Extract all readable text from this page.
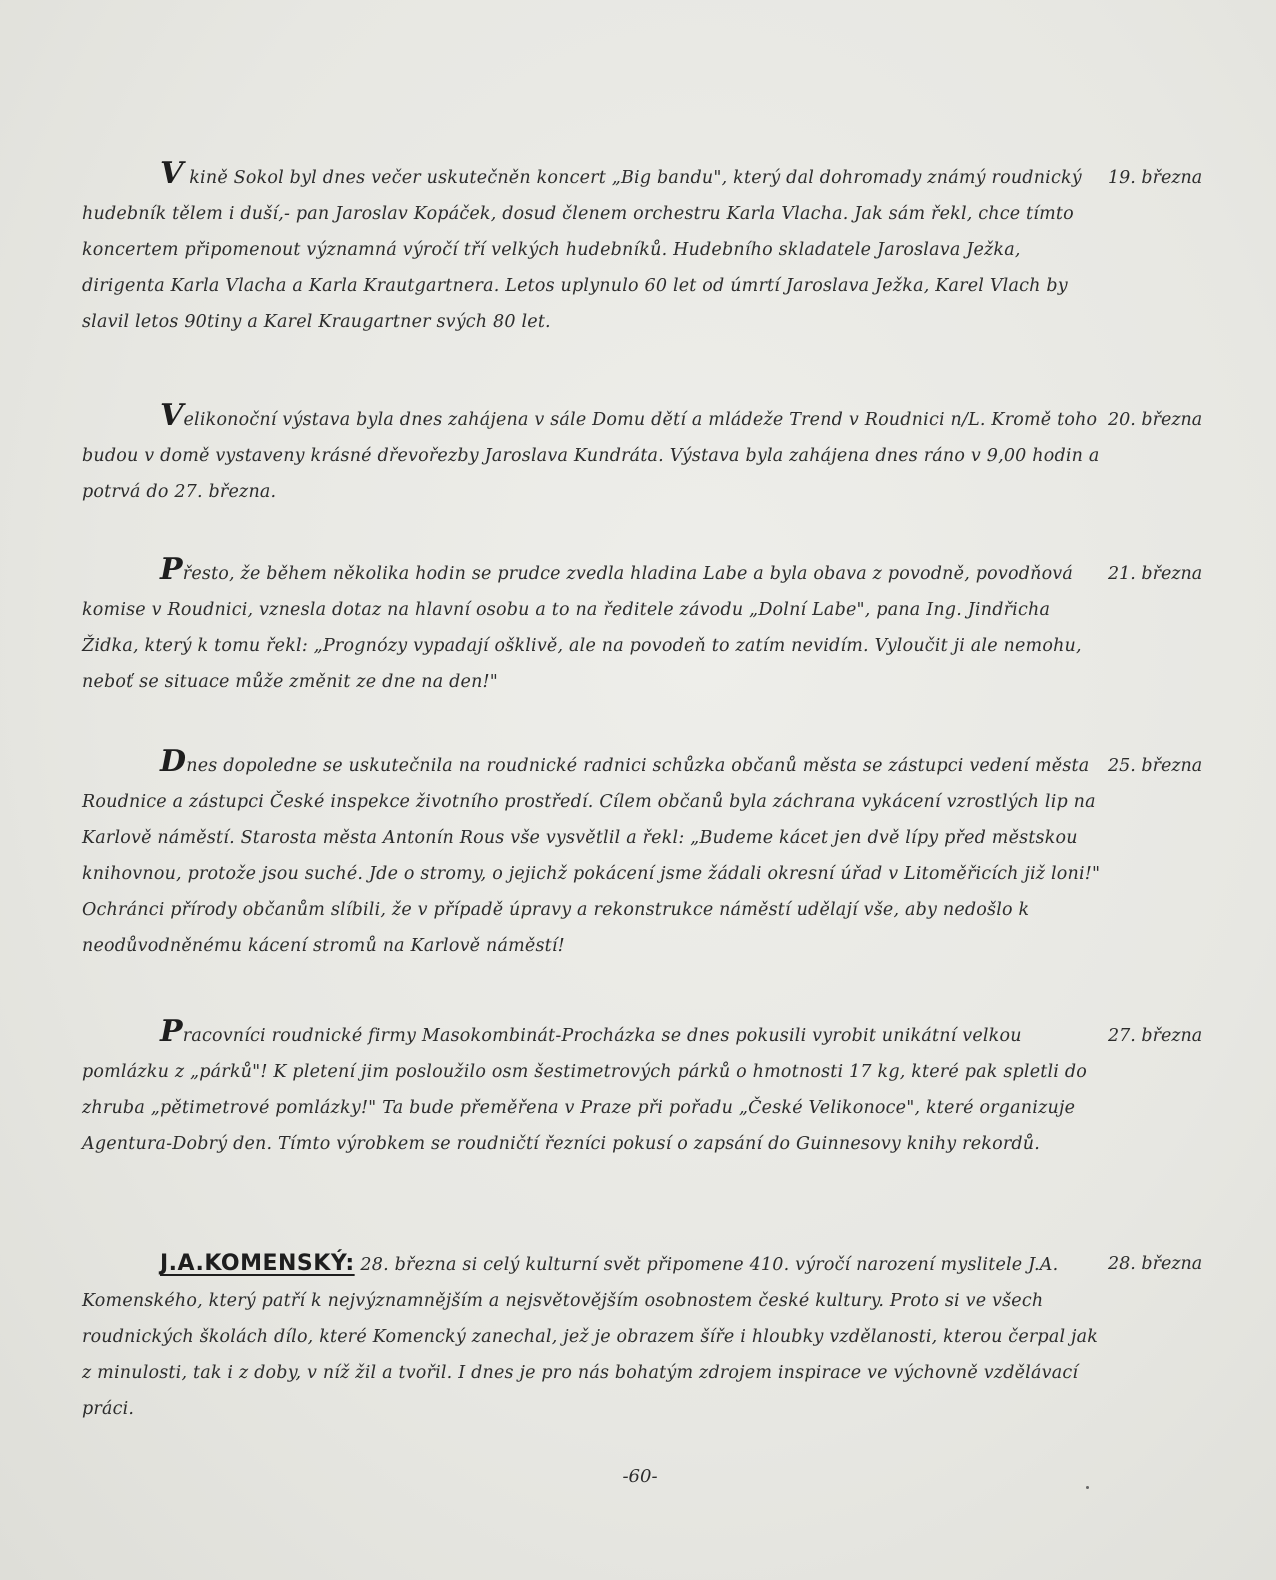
V kině Sokol byl dnes večer uskutečněn koncert „Big bandu", který dal dohromady známý roudnický hudebník tělem i duší,- pan Jaroslav Kopáček, dosud členem orchestru Karla Vlacha. Jak sám řekl, chce tímto koncertem připomenout významná výročí tří velkých hudebníků. Hudebního skladatele Jaroslava Ježka, dirigenta Karla Vlacha a Karla Krautgartnera. Letos uplynulo 60 let od úmrtí Jaroslava Ježka, Karel Vlach by slavil letos 90tiny a Karel Kraugartner svých 80 let.

19. března

Velikonoční výstava byla dnes zahájena v sále Domu dětí a mládeže Trend v Roudnici n/L. Kromě toho budou v domě vystaveny krásné dřevořezby Jaroslava Kundráta. Výstava byla zahájena dnes ráno v 9,00 hodin a potrvá do 27. března.

20. března

Přesto, že během několika hodin se prudce zvedla hladina Labe a byla obava z povodně, povodňová komise v Roudnici, vznesla dotaz na hlavní osobu a to na ředitele závodu „Dolní Labe", pana Ing. Jindřicha Židka, který k tomu řekl: „Prognózy vypadají ošklivě, ale na povodeň to zatím nevidím. Vyloučit ji ale nemohu, neboť se situace může změnit ze dne na den!"

21. března

Dnes dopoledne se uskutečnila na roudnické radnici schůzka občanů města se zástupci vedení města Roudnice a zástupci České inspekce životního prostředí. Cílem občanů byla záchrana vykácení vzrostlých lip na Karlově náměstí. Starosta města Antonín Rous vše vysvětlil a řekl: „Budeme kácet jen dvě lípy před městskou knihovnou, protože jsou suché. Jde o stromy, o jejichž pokácení jsme žádali okresní úřad v Litoměřicích již loni!" Ochránci přírody občanům slíbili, že v případě úpravy a rekonstrukce náměstí udělají vše, aby nedošlo k neodůvodněnému kácení stromů na Karlově náměstí!

25. března

Pracovníci roudnické firmy Masokombinát-Procházka se dnes pokusili vyrobit unikátní velkou pomlázku z „párků"! K pletení jim posloužilo osm šestimetrových párků o hmotnosti 17 kg, které pak spletli do zhruba „pětimetrové pomlázky!" Ta bude přeměřena v Praze při pořadu „České Velikonoce", které organizuje Agentura-Dobrý den. Tímto výrobkem se roudničtí řezníci pokusí o zapsání do Guinnesovy knihy rekordů.

27. března

J.A.KOMENSKÝ: 28. března si celý kulturní svět připomene 410. výročí narození myslitele J.A. Komenského, který patří k nejvýznamnějším a nejsvětovějším osobnostem české kultury. Proto si ve všech roudnických školách dílo, které Komencký zanechal, jež je obrazem šíře i hloubky vzdělanosti, kterou čerpal jak z minulosti, tak i z doby, v níž žil a tvořil. I dnes je pro nás bohatým zdrojem inspirace ve výchovně vzdělávací práci.

28. března
-60-
